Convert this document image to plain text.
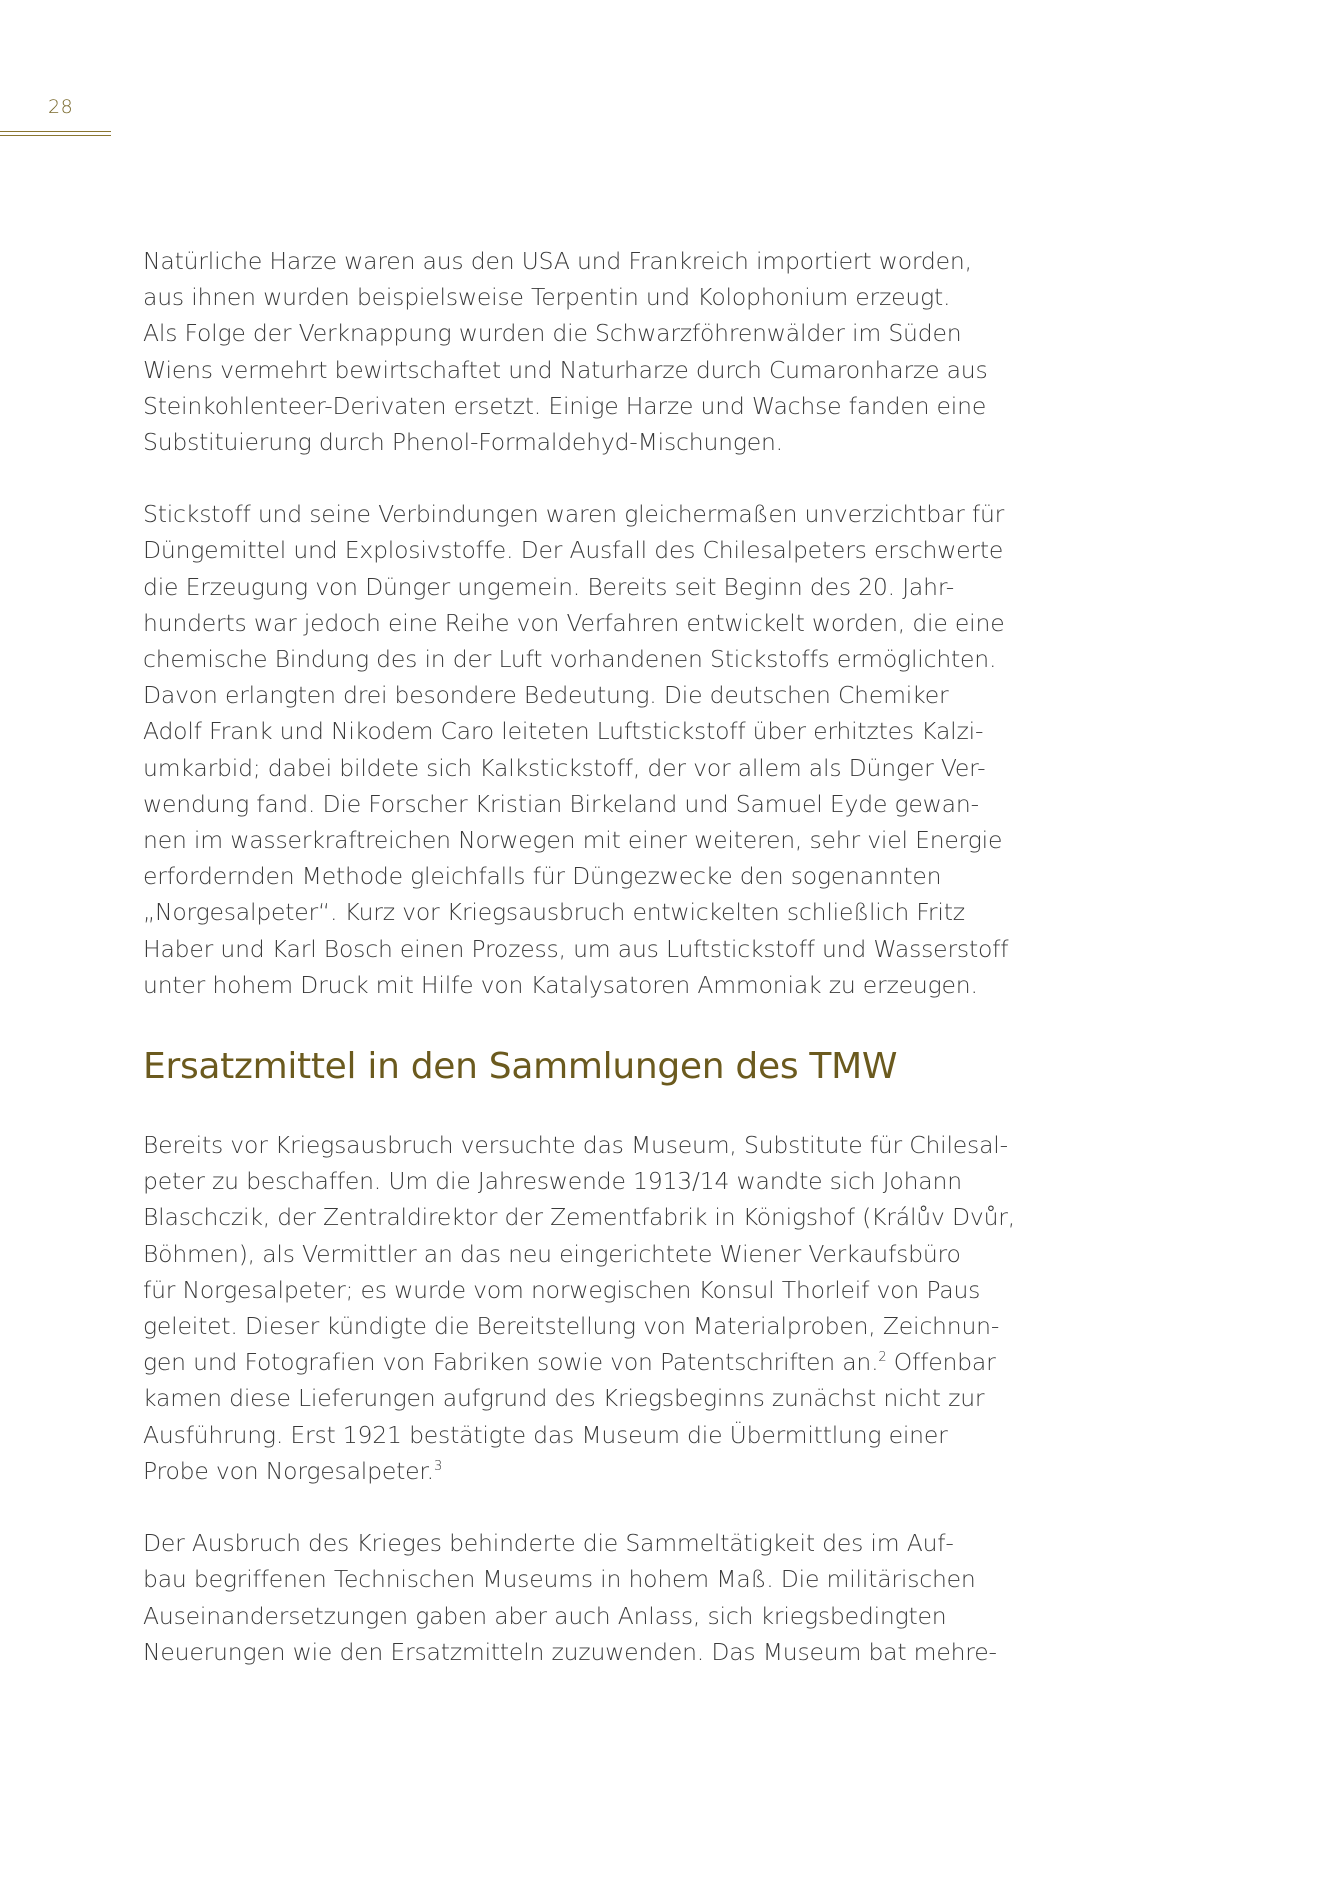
28

Natürliche Harze waren aus den USA und Frankreich importiert worden,
aus ihnen wurden beispielsweise Terpentin und Kolophonium erzeugt.
Als Folge der Verknappung wurden die Schwarzföhrenwälder im Süden
Wiens vermehrt bewirtschaftet und Naturharze durch Cumaronharze aus
Steinkohlenteer-Derivaten ersetzt. Einige Harze und Wachse fanden eine
Substituierung durch Phenol-Formaldehyd-Mischungen.

Stickstoff und seine Verbindungen waren gleichermaßen unverzichtbar für
Düngemittel und Explosivstoffe. Der Ausfall des Chilesalpeters erschwerte
die Erzeugung von Dünger ungemein. Bereits seit Beginn des 20. Jahr-
hunderts war jedoch eine Reihe von Verfahren entwickelt worden, die eine
chemische Bindung des in der Luft vorhandenen Stickstoffs ermöglichten.
Davon erlangten drei besondere Bedeutung. Die deutschen Chemiker
Adolf Frank und Nikodem Caro leiteten Luftstickstoff über erhitztes Kalzi-
umkarbid; dabei bildete sich Kalkstickstoff, der vor allem als Dünger Ver-
wendung fand. Die Forscher Kristian Birkeland und Samuel Eyde gewan-
nen im wasserkraftreichen Norwegen mit einer weiteren, sehr viel Energie
erfordernden Methode gleichfalls für Düngezwecke den sogenannten
„Norgesalpeter“. Kurz vor Kriegsausbruch entwickelten schließlich Fritz
Haber und Karl Bosch einen Prozess, um aus Luftstickstoff und Wasserstoff
unter hohem Druck mit Hilfe von Katalysatoren Ammoniak zu erzeugen.

Ersatzmittel in den Sammlungen des TMW

Bereits vor Kriegsausbruch versuchte das Museum, Substitute für Chilesal-
peter zu beschaffen. Um die Jahreswende 1913/14 wandte sich Johann
Blaschczik, der Zentraldirektor der Zementfabrik in Königshof (Králův Dvůr,
Böhmen), als Vermittler an das neu eingerichtete Wiener Verkaufsbüro
für Norgesalpeter; es wurde vom norwegischen Konsul Thorleif von Paus
geleitet. Dieser kündigte die Bereitstellung von Materialproben, Zeichnun-
gen und Fotografien von Fabriken sowie von Patentschriften an.$^2$ Offenbar
kamen diese Lieferungen aufgrund des Kriegsbeginns zunächst nicht zur
Ausführung. Erst 1921 bestätigte das Museum die Übermittlung einer
Probe von Norgesalpeter.$^3$

Der Ausbruch des Krieges behinderte die Sammeltätigkeit des im Auf-
bau begriffenen Technischen Museums in hohem Maß. Die militärischen
Auseinandersetzungen gaben aber auch Anlass, sich kriegsbedingten
Neuerungen wie den Ersatzmitteln zuzuwenden. Das Museum bat mehre-
